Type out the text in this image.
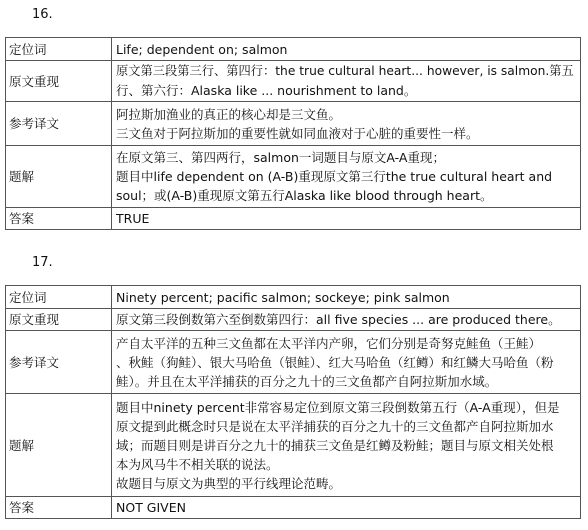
16.
定位词	Life; dependent on; salmon

原文重现	原文第三段第三行、第四行：the true cultural heart... however, is salmon.第五
行、第六行：Alaska like ... nourishment to land。

参考译文	阿拉斯加渔业的真正的核心却是三文鱼。
三文鱼对于阿拉斯加的重要性就如同血液对于心脏的重要性一样。

题解	在原文第三、第四两行，salmon一词题目与原文A-A重现；
题目中life dependent on (A-B)重现原文第三行the true cultural heart and
soul；或(A-B)重现原文第五行Alaska like blood through heart。

答案	TRUE
17.
定位词	Ninety percent; pacific salmon; sockeye; pink salmon

原文重现	原文第三段倒数第六至倒数第四行：all five species ... are produced there。

参考译文	产自太平洋的五种三文鱼都在太平洋内产卵，它们分别是奇努克鲑鱼（王鲑）
、秋鲑（狗鲑）、银大马哈鱼（银鲑）、红大马哈鱼（红鳟）和红鳞大马哈鱼（粉
鲑）。并且在太平洋捕获的百分之九十的三文鱼都产自阿拉斯加水域。

题解	题目中ninety percent非常容易定位到原文第三段倒数第五行（A-A重现），但是
原文提到此概念时只是说在太平洋捕获的百分之九十的三文鱼都产自阿拉斯加水
域；而题目则是讲百分之九十的捕获三文鱼是红鳟及粉鲑；题目与原文相关处根
本为风马牛不相关联的说法。
故题目与原文为典型的平行线理论范畴。

答案	NOT GIVEN
